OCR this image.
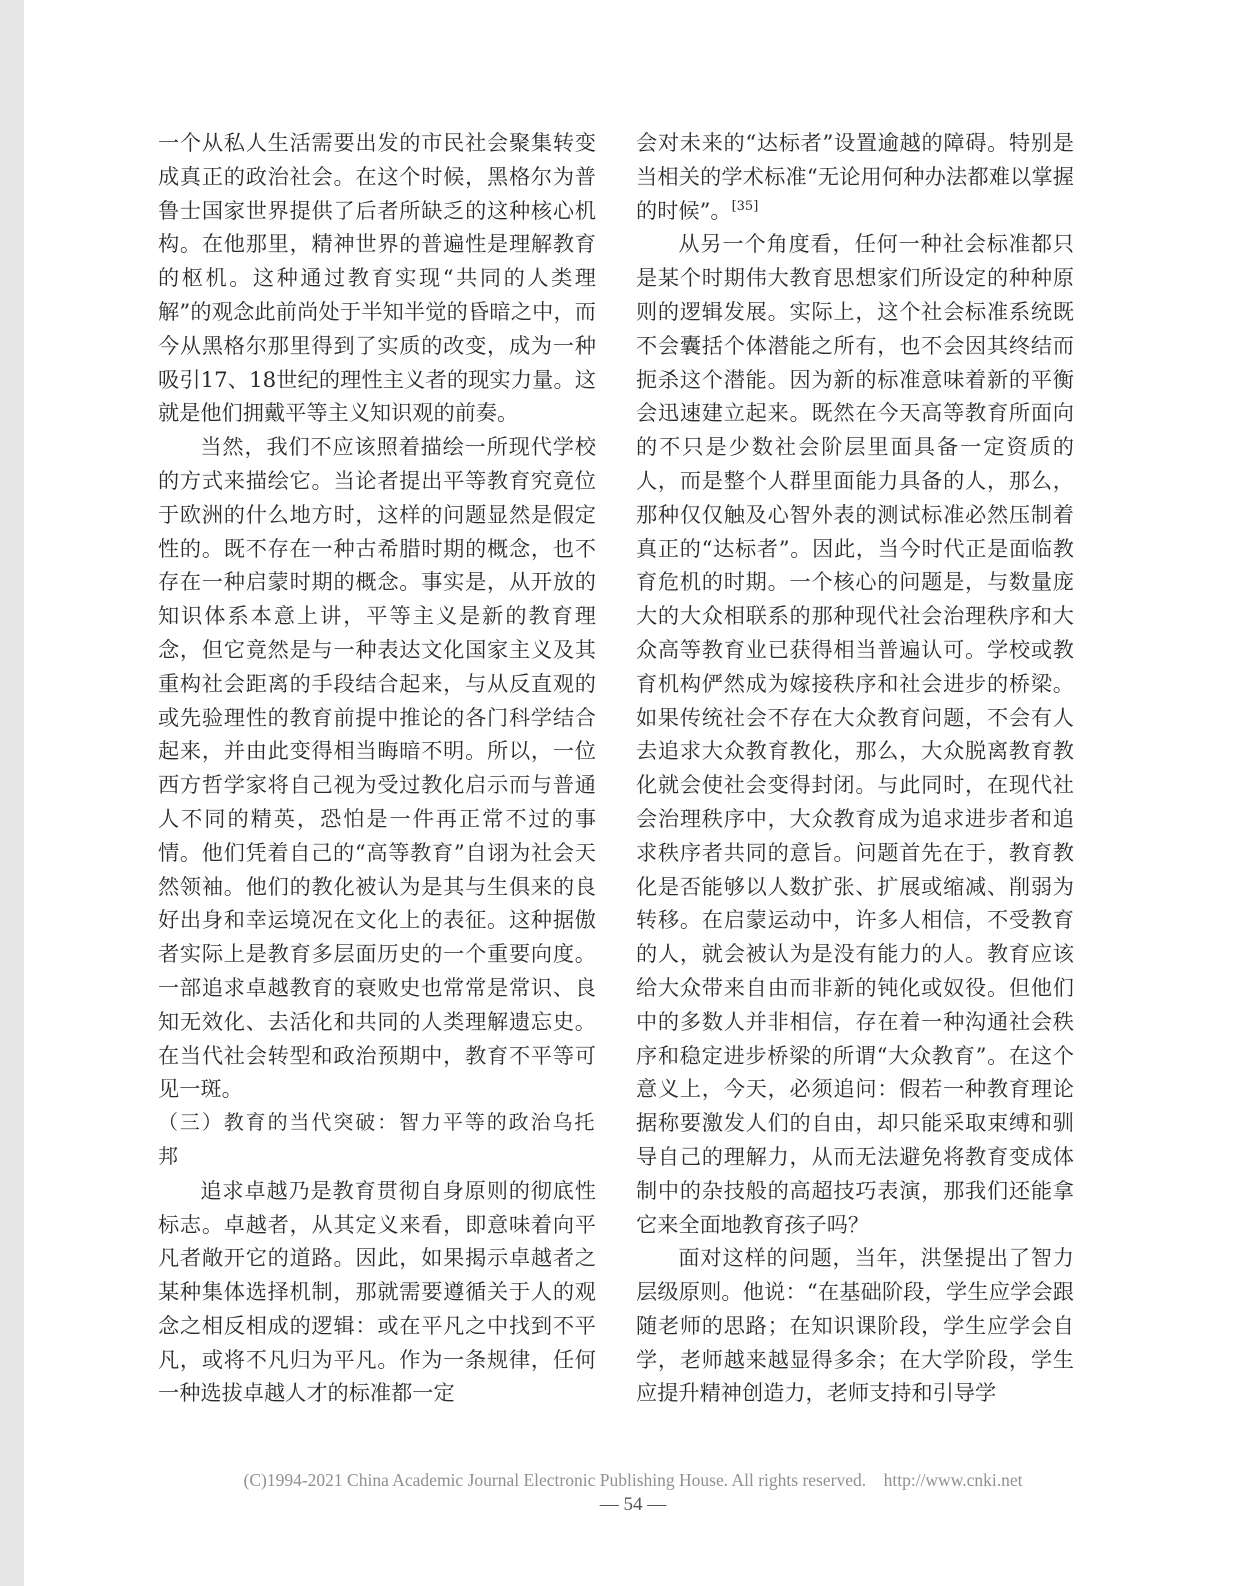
一个从私人生活需要出发的市民社会聚集转变成真正的政治社会。在这个时候，黑格尔为普鲁士国家世界提供了后者所缺乏的这种核心机构。在他那里，精神世界的普遍性是理解教育的枢机。这种通过教育实现“共同的人类理解”的观念此前尚处于半知半觉的昏暗之中，而今从黑格尔那里得到了实质的改变，成为一种吸引17、18世纪的理性主义者的现实力量。这就是他们拥戴平等主义知识观的前奏。

当然，我们不应该照着描绘一所现代学校的方式来描绘它。当论者提出平等教育究竟位于欧洲的什么地方时，这样的问题显然是假定性的。既不存在一种古希腊时期的概念，也不存在一种启蒙时期的概念。事实是，从开放的知识体系本意上讲，平等主义是新的教育理念，但它竟然是与一种表达文化国家主义及其重构社会距离的手段结合起来，与从反直观的或先验理性的教育前提中推论的各门科学结合起来，并由此变得相当晦暗不明。所以，一位西方哲学家将自己视为受过教化启示而与普通人不同的精英，恐怕是一件再正常不过的事情。他们凭着自己的“高等教育”自诩为社会天然领袖。他们的教化被认为是其与生俱来的良好出身和幸运境况在文化上的表征。这种据傲者实际上是教育多层面历史的一个重要向度。一部追求卓越教育的衰败史也常常是常识、良知无效化、去活化和共同的人类理解遗忘史。在当代社会转型和政治预期中，教育不平等可见一斑。

（三）教育的当代突破：智力平等的政治乌托邦

追求卓越乃是教育贯彻自身原则的彻底性标志。卓越者，从其定义来看，即意味着向平凡者敞开它的道路。因此，如果揭示卓越者之某种集体选择机制，那就需要遵循关于人的观念之相反相成的逻辑：或在平凡之中找到不平凡，或将不凡归为平凡。作为一条规律，任何一种选拔卓越人才的标准都一定

会对未来的“达标者”设置逾越的障碍。特别是当相关的学术标准“无论用何种办法都难以掌握的时候”。[35]

从另一个角度看，任何一种社会标准都只是某个时期伟大教育思想家们所设定的种种原则的逻辑发展。实际上，这个社会标准系统既不会囊括个体潜能之所有，也不会因其终结而扼杀这个潜能。因为新的标准意味着新的平衡会迅速建立起来。既然在今天高等教育所面向的不只是少数社会阶层里面具备一定资质的人，而是整个人群里面能力具备的人，那么，那种仅仅触及心智外表的测试标准必然压制着真正的“达标者”。因此，当今时代正是面临教育危机的时期。一个核心的问题是，与数量庞大的大众相联系的那种现代社会治理秩序和大众高等教育业已获得相当普遍认可。学校或教育机构俨然成为嫁接秩序和社会进步的桥梁。如果传统社会不存在大众教育问题，不会有人去追求大众教育教化，那么，大众脱离教育教化就会使社会变得封闭。与此同时，在现代社会治理秩序中，大众教育成为追求进步者和追求秩序者共同的意旨。问题首先在于，教育教化是否能够以人数扩张、扩展或缩减、削弱为转移。在启蒙运动中，许多人相信，不受教育的人，就会被认为是没有能力的人。教育应该给大众带来自由而非新的钝化或奴役。但他们中的多数人并非相信，存在着一种沟通社会秩序和稳定进步桥梁的所谓“大众教育”。在这个意义上，今天，必须追问：假若一种教育理论据称要激发人们的自由，却只能采取束缚和驯导自己的理解力，从而无法避免将教育变成体制中的杂技般的高超技巧表演，那我们还能拿它来全面地教育孩子吗？

面对这样的问题，当年，洪堡提出了智力层级原则。他说：“在基础阶段，学生应学会跟随老师的思路；在知识课阶段，学生应学会自学，老师越来越显得多余；在大学阶段，学生应提升精神创造力，老师支持和引导学

(C)1994-2021 China Academic Journal Electronic Publishing House. All rights reserved. http://www.cnki.net
— 54 —
